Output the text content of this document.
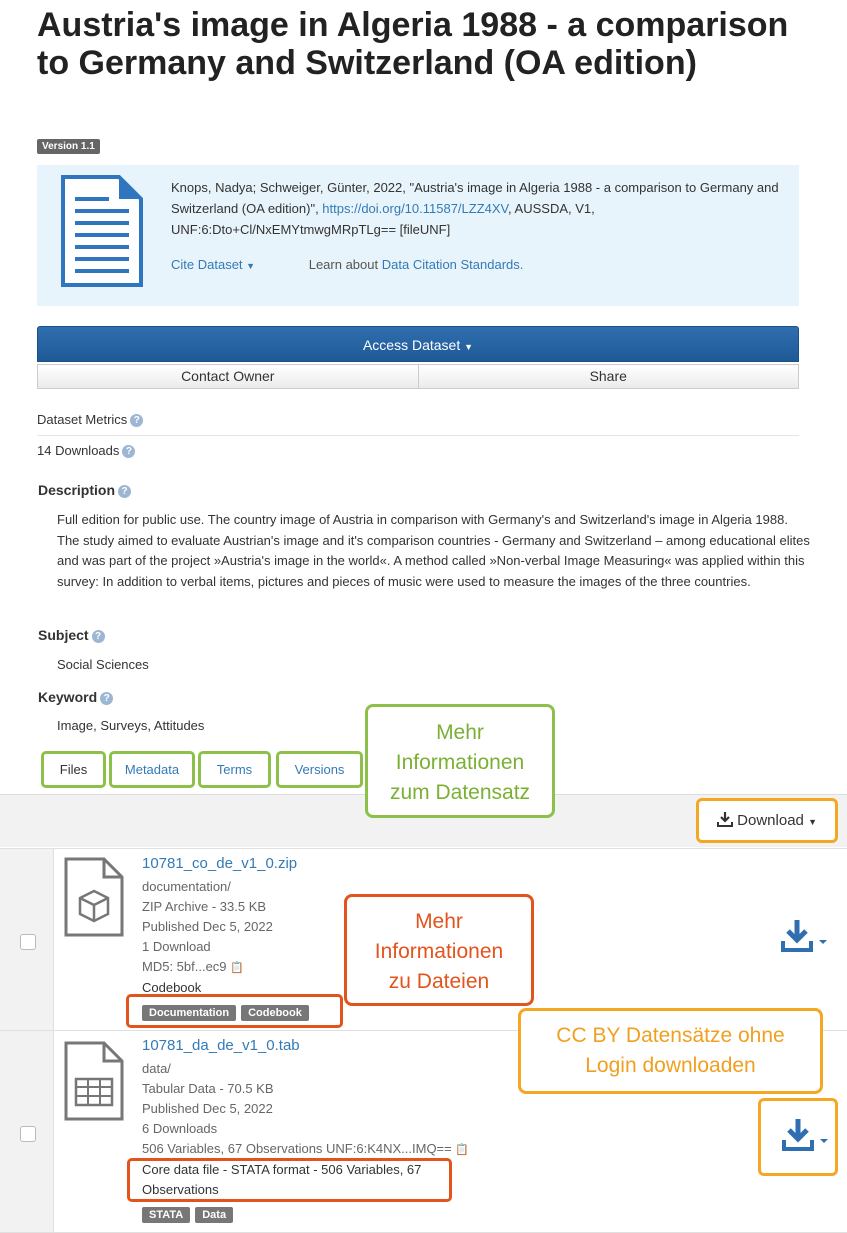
Austria's image in Algeria 1988 - a comparison to Germany and Switzerland (OA edition)
Version 1.1
Knops, Nadya; Schweiger, Günter, 2022, "Austria's image in Algeria 1988 - a comparison to Germany and Switzerland (OA edition)", https://doi.org/10.11587/LZZ4XV, AUSSDA, V1, UNF:6:Dto+Cl/NxEMYtmwgMRpTLg== [fileUNF]
Cite Dataset ▼	Learn about Data Citation Standards.
Access Dataset ▼
Contact Owner	Share
Dataset Metrics ?
14 Downloads ?
Description ?
Full edition for public use. The country image of Austria in comparison with Germany's and Switzerland's image in Algeria 1988. The study aimed to evaluate Austrian's image and it's comparison countries - Germany and Switzerland – among educational elites and was part of the project »Austria's image in the world«. A method called »Non-verbal Image Measuring« was applied within this survey: In addition to verbal items, pictures and pieces of music were used to measure the images of the three countries.
Subject ?
Social Sciences
Keyword ?
Image, Surveys, Attitudes
Files	Metadata	Terms	Versions
Mehr
Informationen
zum Datensatz
Download ▼
10781_co_de_v1_0.zip
documentation/
ZIP Archive - 33.5 KB
Published Dec 5, 2022
1 Download
MD5: 5bf...ec9 📋
Codebook
Documentation	Codebook
Mehr
Informationen
zu Dateien
10781_da_de_v1_0.tab
data/
Tabular Data - 70.5 KB
Published Dec 5, 2022
6 Downloads
506 Variables, 67 Observations UNF:6:K4NX...IMQ== 📋
Core data file - STATA format - 506 Variables, 67
Observations
STATA	Data
CC BY Datensätze ohne
Login downloaden
